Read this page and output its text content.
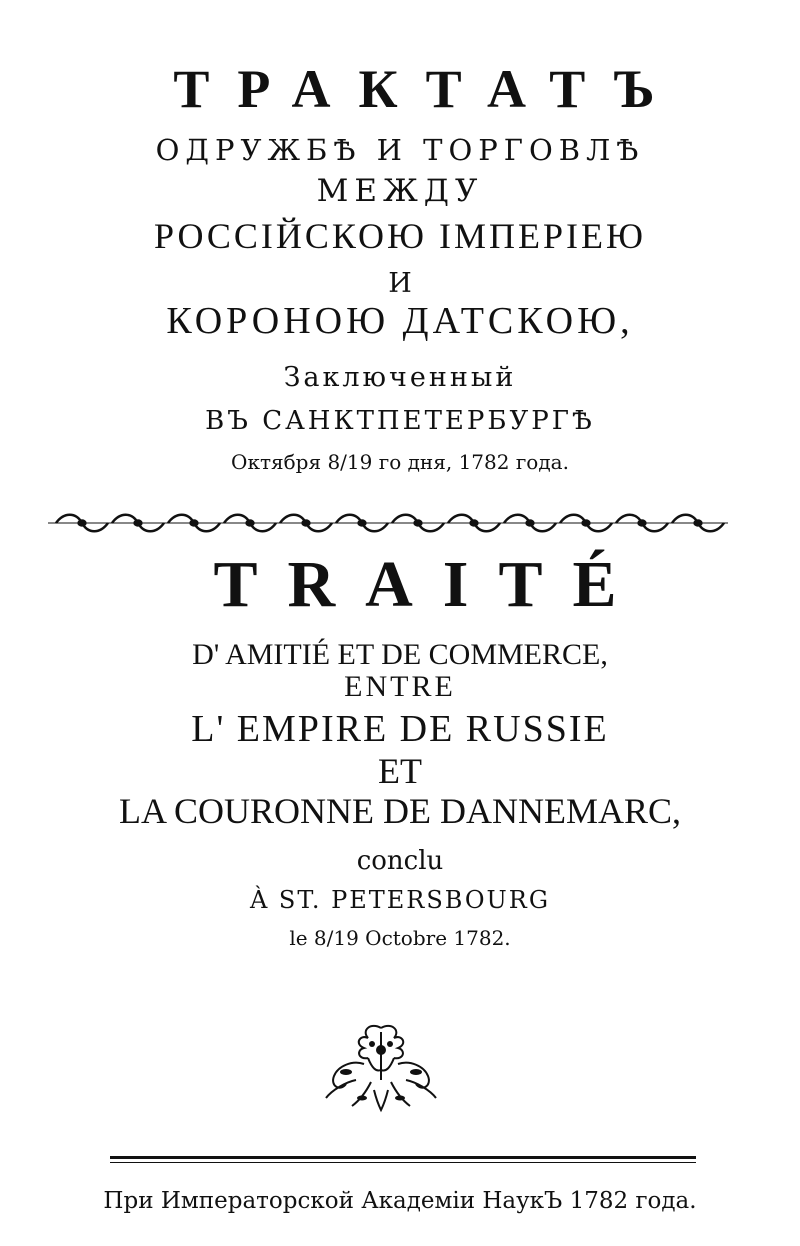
ТРАКТАТЪ
ОДРУЖБѢ И ТОРГОВЛѢ
МЕЖДУ
РОССІЙСКОЮ ІМПЕРІЕЮ
И
КОРОНОЮ ДАТСКОЮ,
Заключенный
ВЪ САНКТПЕТЕРБУРГѢ
Октября 8/19 го дня, 1782 года.
TRAITÉ
D' AMITIÉ ET DE COMMERCE,
ENTRE
L' EMPIRE DE RUSSIE
ET
LA COURONNE DE DANNEMARC,
conclu
À ST. PETERSBOURG
le 8/19 Octobre 1782.
При Императорской Академіи НаукЪ 1782 года.
